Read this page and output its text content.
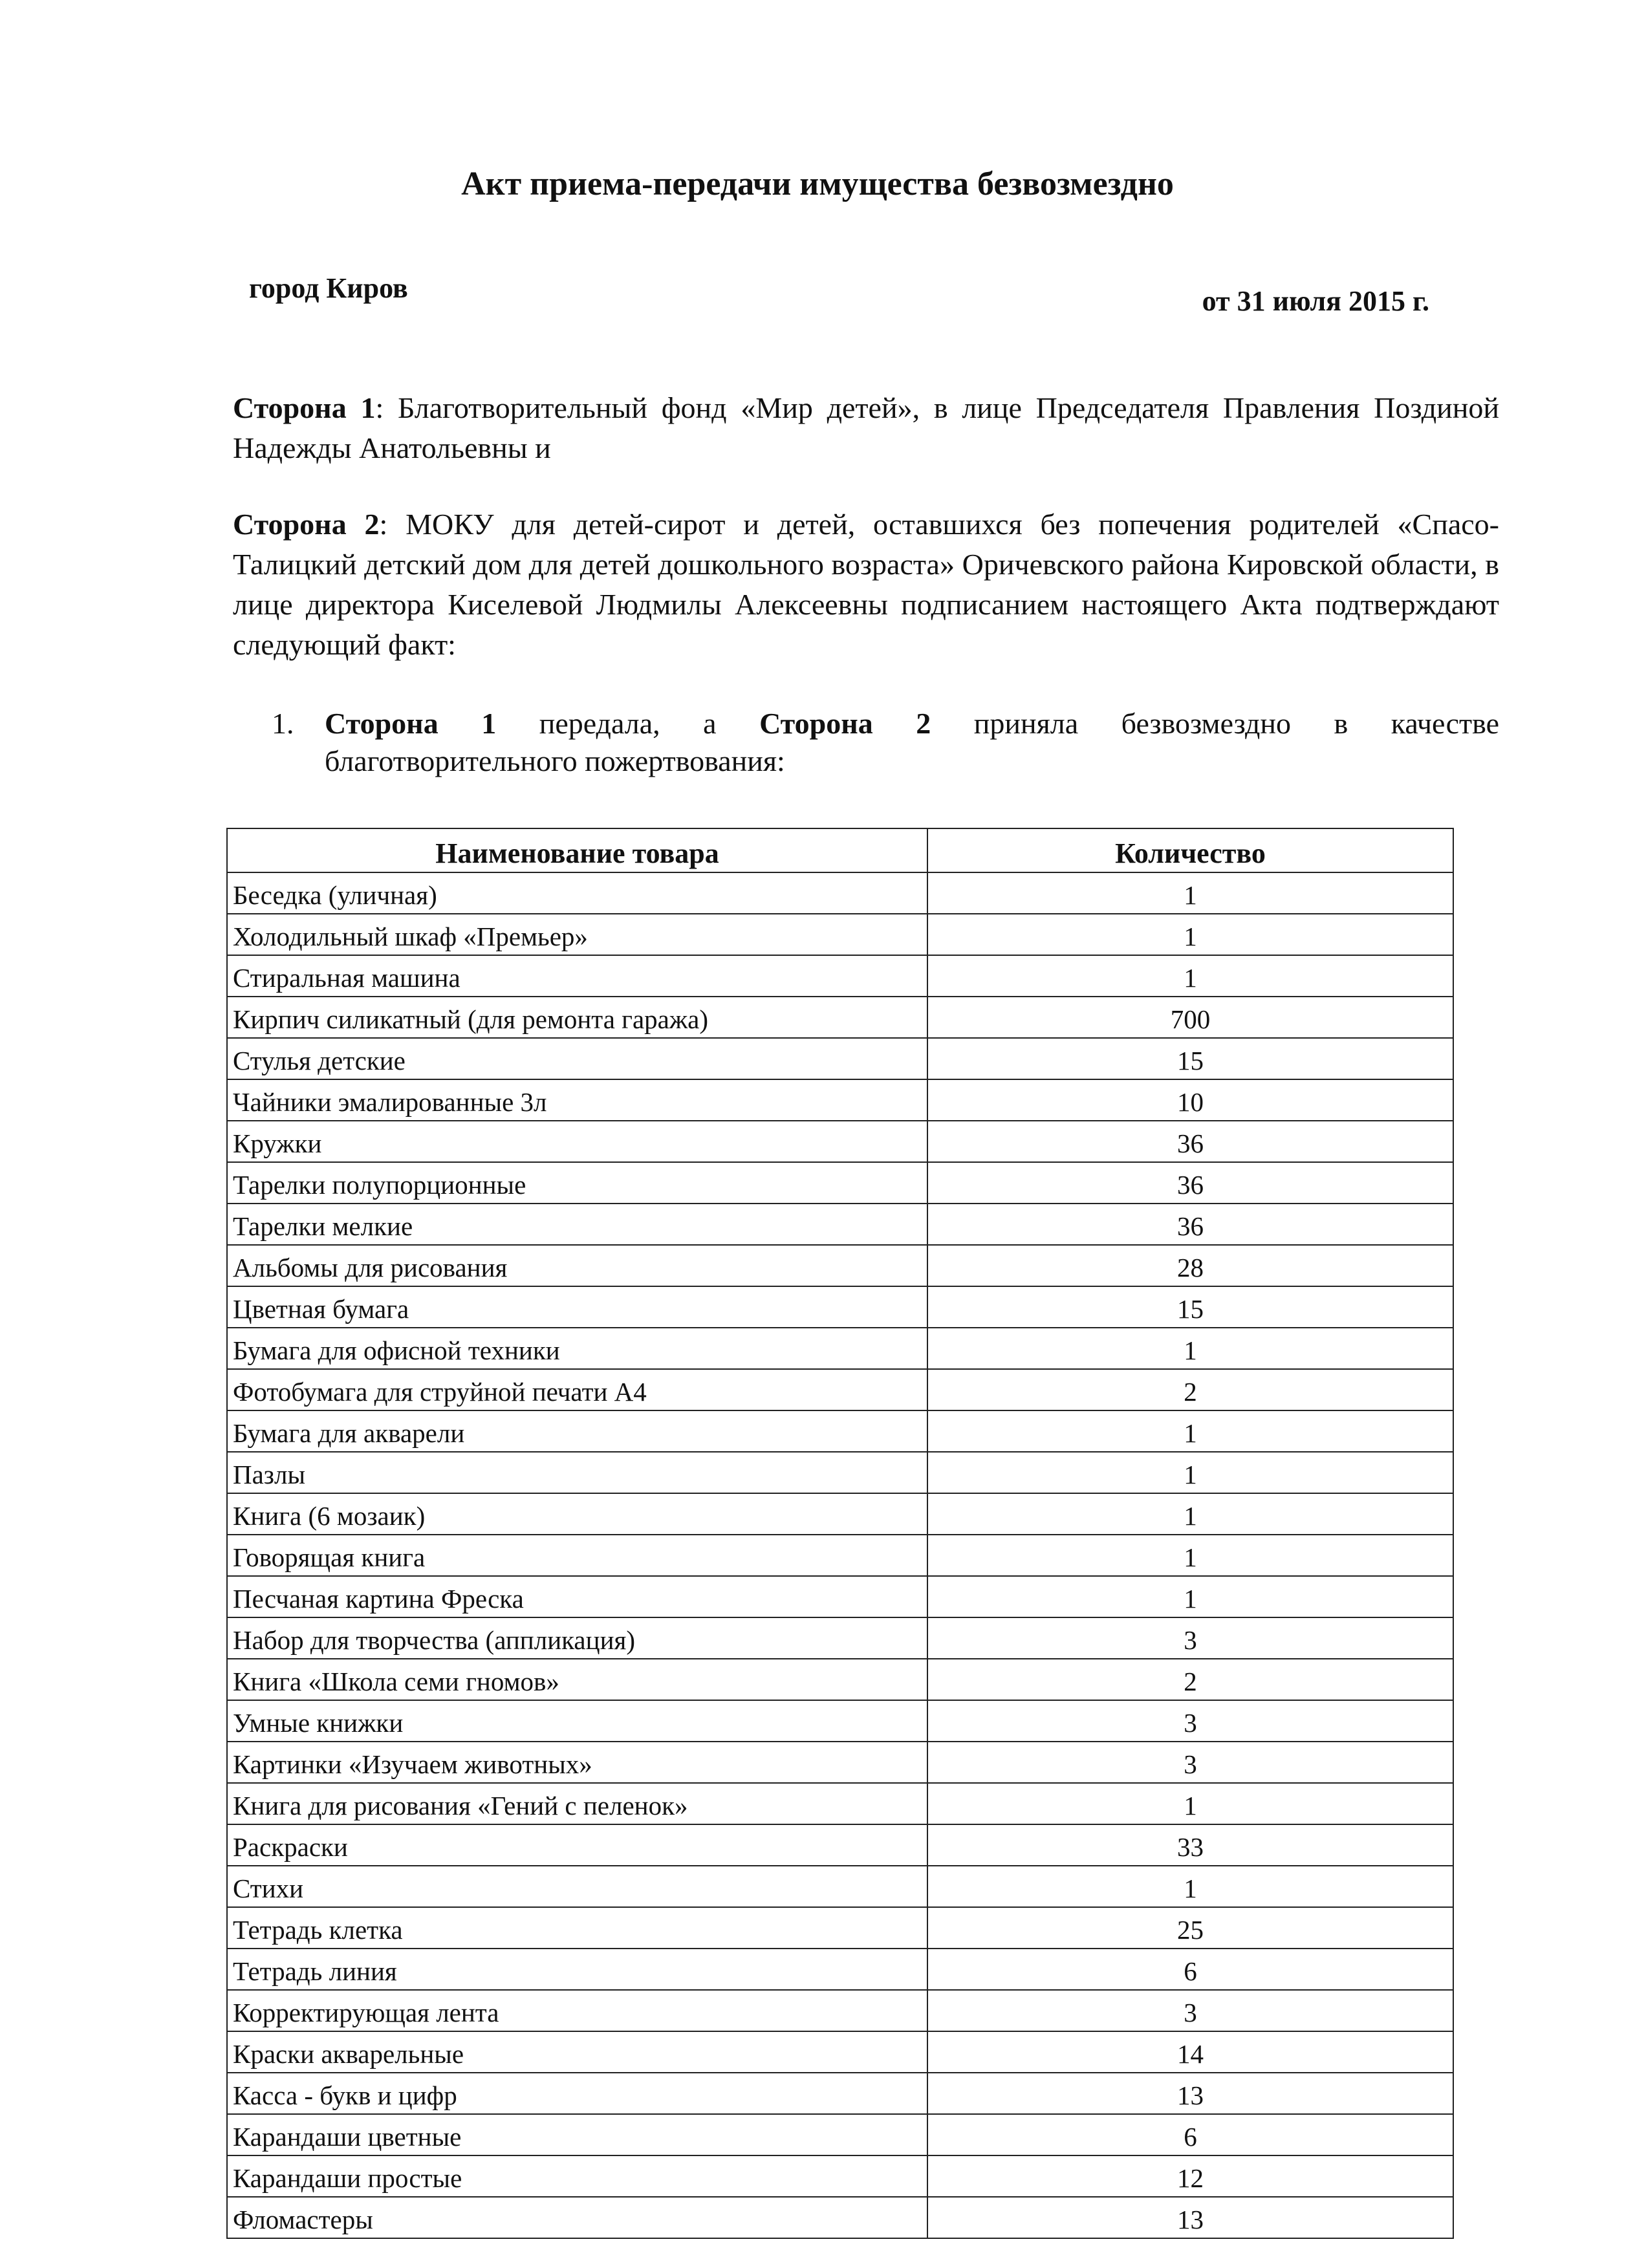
Акт приема-передачи имущества безвозмездно
город Киров	от 31 июля 2015 г.
Сторона 1: Благотворительный фонд «Мир детей», в лице Председателя Правления Поздиной Надежды Анатольевны и
Сторона 2: МОКУ для детей-сирот и детей, оставшихся без попечения родителей «Спасо-Талицкий детский дом для детей дошкольного возраста» Оричевского района Кировской области, в лице директора Киселевой Людмилы Алексеевны подписанием настоящего Акта подтверждают следующий факт:
1. Сторона 1 передала, а Сторона 2 приняла безвозмездно в качестве
благотворительного пожертвования:
Наименование товара	Количество
Беседка (уличная)	1
Холодильный шкаф «Премьер»	1
Стиральная машина	1
Кирпич силикатный (для ремонта гаража)	700
Стулья детские	15
Чайники эмалированные 3л	10
Кружки	36
Тарелки полупорционные	36
Тарелки мелкие	36
Альбомы для рисования	28
Цветная бумага	15
Бумага для офисной техники	1
Фотобумага для струйной печати А4	2
Бумага для акварели	1
Пазлы	1
Книга (6 мозаик)	1
Говорящая книга	1
Песчаная картина Фреска	1
Набор для творчества (аппликация)	3
Книга «Школа семи гномов»	2
Умные книжки	3
Картинки «Изучаем животных»	3
Книга для рисования «Гений с пеленок»	1
Раскраски	33
Стихи	1
Тетрадь клетка	25
Тетрадь линия	6
Корректирующая лента	3
Краски акварельные	14
Касса - букв и цифр	13
Карандаши цветные	6
Карандаши простые	12
Фломастеры	13
